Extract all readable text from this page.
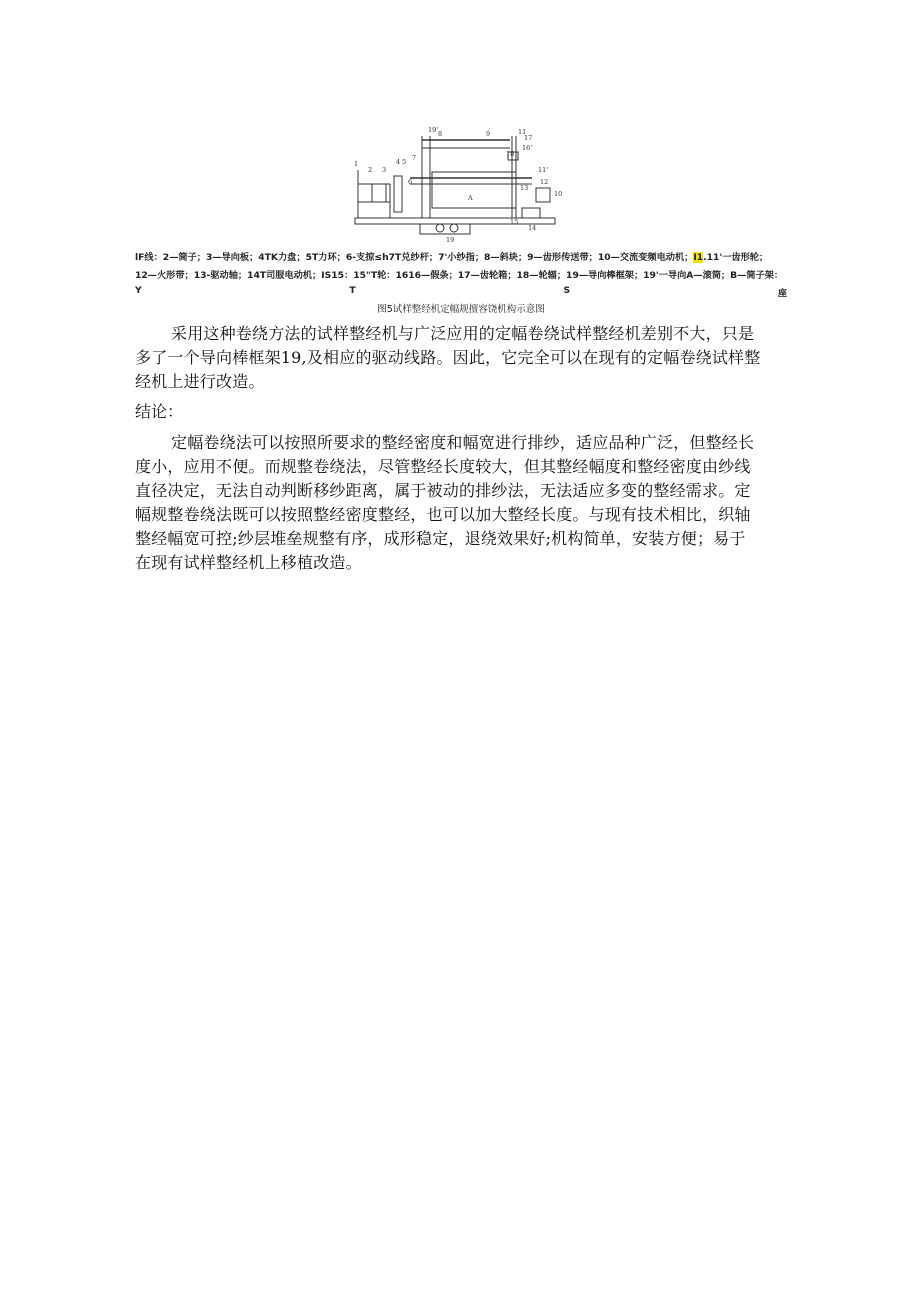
1
2 3
4 5
6
7
8	9
10
11
12
13
14
15
16'
17
18
19
19'
A
11'
lF线：2—筒子；3—导向板；4TK力盘；5T力环；6-支掠≤h7T兑纱杆；7'小纱指；8—斜块；9—齿形传送带；10—交流变频电动机；I1.11'一齿形轮；
12—火形带；13-驱动轴；14T司服电动机；IS15：15"T轮：1616—假条；17—齿轮箱；18—轮辐；19—导向棒框架；19'一导向A—滚筒；B—筒子架：
Y	T	S	座
图5试样整经机定幅规擅容饶机构示意图
采用这种卷绕方法的试样整经机与广泛应用的定幅卷绕试样整经机差别不大，只是
多了一个导向棒框架19,及相应的驱动线路。因此，它完全可以在现有的定幅卷绕试样整
经机上进行改造。
结论：
定幅卷绕法可以按照所要求的整经密度和幅宽进行排纱，适应品种广泛，但整经长
度小，应用不便。而规整卷绕法，尽管整经长度较大，但其整经幅度和整经密度由纱线
直径决定，无法自动判断移纱距离，属于被动的排纱法，无法适应多变的整经需求。定
幅规整卷绕法既可以按照整经密度整经，也可以加大整经长度。与现有技术相比，织轴
整经幅宽可控;纱层堆垒规整有序，成形稳定，退绕效果好;机构简单，安装方便；易于
在现有试样整经机上移植改造。
